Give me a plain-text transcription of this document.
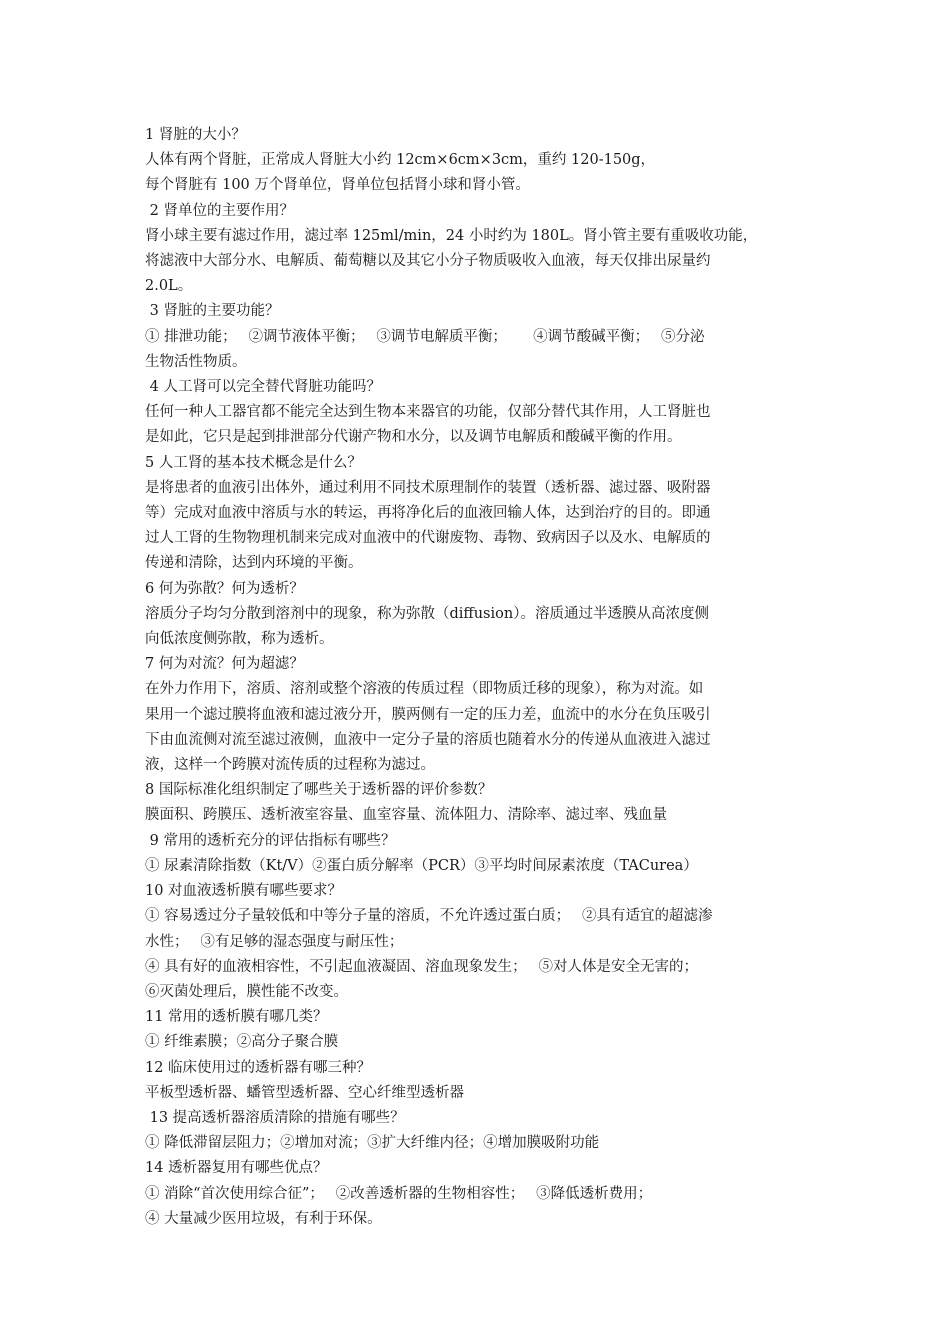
1 肾脏的大小？
人体有两个肾脏，正常成人肾脏大小约 12cm×6cm×3cm，重约 120-150g，
每个肾脏有 100 万个肾单位，肾单位包括肾小球和肾小管。
2 肾单位的主要作用？
肾小球主要有滤过作用，滤过率 125ml/min，24 小时约为 180L。肾小管主要有重吸收功能，
将滤液中大部分水、电解质、葡萄糖以及其它小分子物质吸收入血液，每天仅排出尿量约
2.0L。
3 肾脏的主要功能？
① 排泄功能；　 ②调节液体平衡；　 ③调节电解质平衡；　　 ④调节酸碱平衡；　 ⑤分泌
生物活性物质。
4 人工肾可以完全替代肾脏功能吗？
任何一种人工器官都不能完全达到生物本来器官的功能，仅部分替代其作用，人工肾脏也
是如此，它只是起到排泄部分代谢产物和水分，以及调节电解质和酸碱平衡的作用。
5 人工肾的基本技术概念是什么？
是将患者的血液引出体外，通过利用不同技术原理制作的装置（透析器、滤过器、吸附器
等）完成对血液中溶质与水的转运，再将净化后的血液回输人体，达到治疗的目的。即通
过人工肾的生物物理机制来完成对血液中的代谢废物、毒物、致病因子以及水、电解质的
传递和清除，达到内环境的平衡。
6 何为弥散？何为透析？
溶质分子均匀分散到溶剂中的现象，称为弥散（diffusion）。溶质通过半透膜从高浓度侧
向低浓度侧弥散，称为透析。
7 何为对流？何为超滤？
在外力作用下，溶质、溶剂或整个溶液的传质过程（即物质迁移的现象），称为对流。如
果用一个滤过膜将血液和滤过液分开，膜两侧有一定的压力差，血流中的水分在负压吸引
下由血流侧对流至滤过液侧，血液中一定分子量的溶质也随着水分的传递从血液进入滤过
液，这样一个跨膜对流传质的过程称为滤过。
8 国际标准化组织制定了哪些关于透析器的评价参数？
膜面积、跨膜压、透析液室容量、血室容量、流体阻力、清除率、滤过率、残血量
9 常用的透析充分的评估指标有哪些？
① 尿素清除指数（Kt/V）②蛋白质分解率（PCR）③平均时间尿素浓度（TACurea）
10 对血液透析膜有哪些要求？
① 容易透过分子量较低和中等分子量的溶质，不允许透过蛋白质；　 ②具有适宜的超滤渗
水性；　 ③有足够的湿态强度与耐压性；
④ 具有好的血液相容性，不引起血液凝固、溶血现象发生；　 ⑤对人体是安全无害的；
⑥灭菌处理后，膜性能不改变。
11 常用的透析膜有哪几类？
① 纤维素膜；②高分子聚合膜
12 临床使用过的透析器有哪三种？
平板型透析器、蟠管型透析器、空心纤维型透析器
13 提高透析器溶质清除的措施有哪些？
① 降低滞留层阻力；②增加对流；③扩大纤维内径；④增加膜吸附功能
14 透析器复用有哪些优点？
① 消除“首次使用综合征”；　 ②改善透析器的生物相容性；　 ③降低透析费用；
④ 大量减少医用垃圾，有利于环保。
